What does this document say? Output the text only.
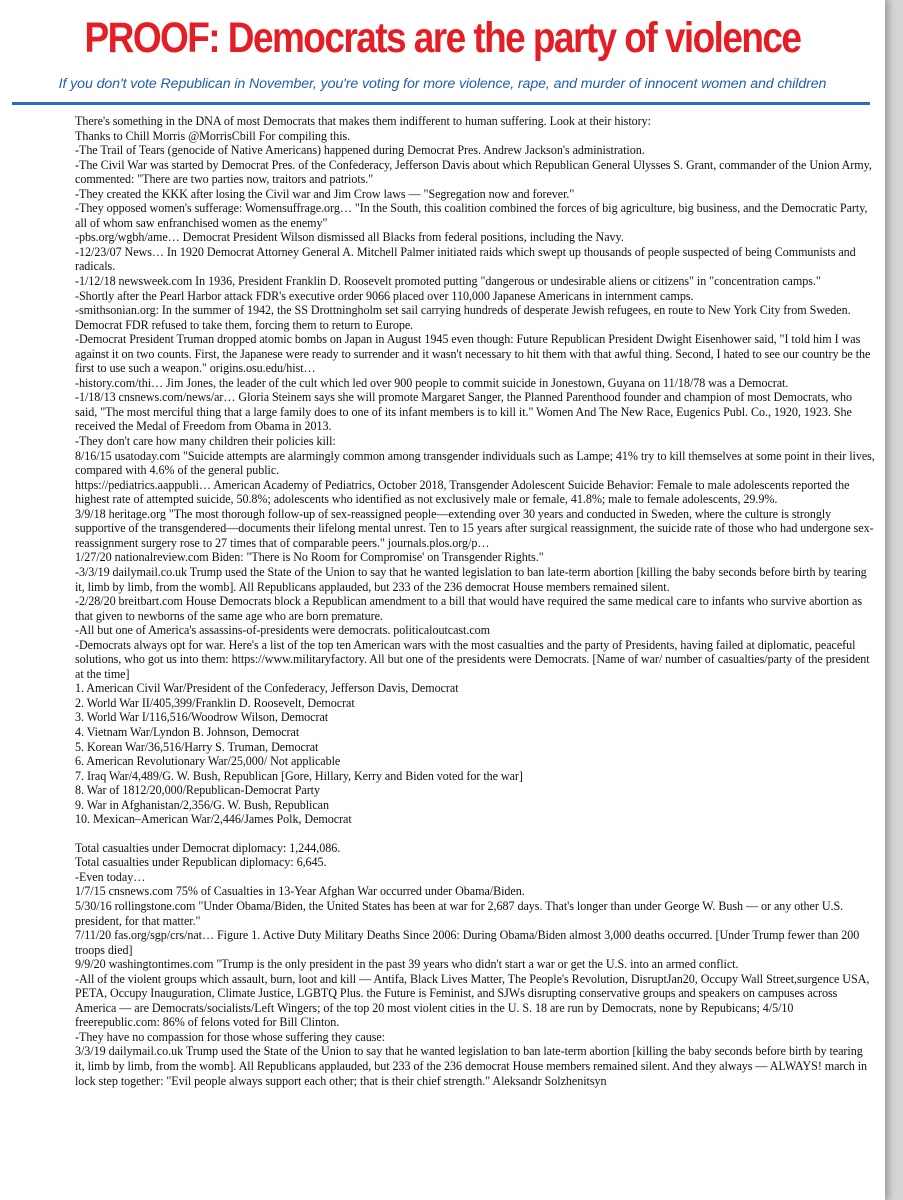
PROOF: Democrats are the party of violence
If you don't vote Republican in November, you're voting for more violence, rape, and murder of innocent women and children

There's something in the DNA of most Democrats that makes them indifferent to human suffering. Look at their history:

Thanks to Chill Morris @MorrisCbill For compiling this.

-The Trail of Tears (genocide of Native Americans) happened during Democrat Pres. Andrew Jackson's administration.

-The Civil War was started by Democrat Pres. of the Confederacy, Jefferson Davis about which Republican General Ulysses S. Grant, commander of the Union Army, commented: "There are two parties now, traitors and patriots."

-They created the KKK after losing the Civil war and Jim Crow laws — "Segregation now and forever."

-They opposed women's sufferage: Womensuffrage.org… "In the South, this coalition combined the forces of big agriculture, big business, and the Democratic Party, all of whom saw enfranchised women as the enemy"

-pbs.org/wgbh/ame… Democrat President Wilson dismissed all Blacks from federal positions, including the Navy.

-12/23/07 News… In 1920 Democrat Attorney General A. Mitchell Palmer initiated raids which swept up thousands of people suspected of being Communists and radicals.

-1/12/18 newsweek.com In 1936, President Franklin D. Roosevelt promoted putting "dangerous or undesirable aliens or citizens" in "concentration camps."

-Shortly after the Pearl Harbor attack FDR's executive order 9066 placed over 110,000 Japanese Americans in internment camps.

-smithsonian.org: In the summer of 1942, the SS Drottningholm set sail carrying hundreds of desperate Jewish refugees, en route to New York City from Sweden. Democrat FDR refused to take them, forcing them to return to Europe.

-Democrat President Truman dropped atomic bombs on Japan in August 1945 even though: Future Republican President Dwight Eisenhower said, "I told him I was against it on two counts. First, the Japanese were ready to surrender and it wasn't necessary to hit them with that awful thing. Second, I hated to see our country be the first to use such a weapon." origins.osu.edu/hist…

-history.com/thi… Jim Jones, the leader of the cult which led over 900 people to commit suicide in Jonestown, Guyana on 11/18/78 was a Democrat.

-1/18/13 cnsnews.com/news/ar… Gloria Steinem says she will promote Margaret Sanger, the Planned Parenthood founder and champion of most Democrats, who said, "The most merciful thing that a large family does to one of its infant members is to kill it." Women And The New Race, Eugenics Publ. Co., 1920, 1923. She received the Medal of Freedom from Obama in 2013.

-They don't care how many children their policies kill:

8/16/15 usatoday.com "Suicide attempts are alarmingly common among transgender individuals such as Lampe; 41% try to kill themselves at some point in their lives, compared with 4.6% of the general public.

https://pediatrics.aappubli… American Academy of Pediatrics, October 2018, Transgender Adolescent Suicide Behavior: Female to male adolescents reported the highest rate of attempted suicide, 50.8%; adolescents who identified as not exclusively male or female, 41.8%; male to female adolescents, 29.9%.

3/9/18 heritage.org "The most thorough follow-up of sex-reassigned people—extending over 30 years and conducted in Sweden, where the culture is strongly supportive of the transgendered—documents their lifelong mental unrest. Ten to 15 years after surgical reassignment, the suicide rate of those who had undergone sex-reassignment surgery rose to 27 times that of comparable peers." journals.plos.org/p…

1/27/20 nationalreview.com Biden: "There is No Room for Compromise' on Transgender Rights."

-3/3/19 dailymail.co.uk Trump used the State of the Union to say that he wanted legislation to ban late-term abortion [killing the baby seconds before birth by tearing it, limb by limb, from the womb]. All Republicans applauded, but 233 of the 236 democrat House members remained silent.

-2/28/20 breitbart.com House Democrats block a Republican amendment to a bill that would have required the same medical care to infants who survive abortion as that given to newborns of the same age who are born premature.

-All but one of America's assassins-of-presidents were democrats. politicaloutcast.com

-Democrats always opt for war. Here's a list of the top ten American wars with the most casualties and the party of Presidents, having failed at diplomatic, peaceful solutions, who got us into them: https://www.militaryfactory. All but one of the presidents were Democrats. [Name of war/ number of casualties/party of the president at the time]

1. American Civil War/President of the Confederacy, Jefferson Davis, Democrat

2. World War II/405,399/Franklin D. Roosevelt, Democrat

3. World War I/116,516/Woodrow Wilson, Democrat

4. Vietnam War/Lyndon B. Johnson, Democrat

5. Korean War/36,516/Harry S. Truman, Democrat

6. American Revolutionary War/25,000/ Not applicable

7. Iraq War/4,489/G. W. Bush, Republican [Gore, Hillary, Kerry and Biden voted for the war]

8. War of 1812/20,000/Republican-Democrat Party

9. War in Afghanistan/2,356/G. W. Bush, Republican

10. Mexican–American War/2,446/James Polk, Democrat

Total casualties under Democrat diplomacy: 1,244,086.

Total casualties under Republican diplomacy: 6,645.

-Even today…

1/7/15 cnsnews.com 75% of Casualties in 13-Year Afghan War occurred under Obama/Biden.

5/30/16 rollingstone.com "Under Obama/Biden, the United States has been at war for 2,687 days. That's longer than under George W. Bush — or any other U.S. president, for that matter."

7/11/20 fas.org/sgp/crs/nat… Figure 1. Active Duty Military Deaths Since 2006: During Obama/Biden almost 3,000 deaths occurred. [Under Trump fewer than 200 troops died]

9/9/20 washingtontimes.com "Trump is the only president in the past 39 years who didn't start a war or get the U.S. into an armed conflict.

-All of the violent groups which assault, burn, loot and kill — Antifa, Black Lives Matter, The People's Revolution, DisruptJan20, Occupy Wall Street,surgence USA, PETA, Occupy Inauguration, Climate Justice, LGBTQ Plus. the Future is Feminist, and SJWs disrupting conservative groups and speakers on campuses across America — are Democrats/socialists/Left Wingers; of the top 20 most violent cities in the U. S. 18 are run by Democrats, none by Repubicans; 4/5/10 freerepublic.com: 86% of felons voted for Bill Clinton.

-They have no compassion for those whose suffering they cause:

3/3/19 dailymail.co.uk Trump used the State of the Union to say that he wanted legislation to ban late-term abortion [killing the baby seconds before birth by tearing it, limb by limb, from the womb]. All Republicans applauded, but 233 of the 236 democrat House members remained silent. And they always — ALWAYS! march in lock step together: "Evil people always support each other; that is their chief strength." Aleksandr Solzhenitsyn
